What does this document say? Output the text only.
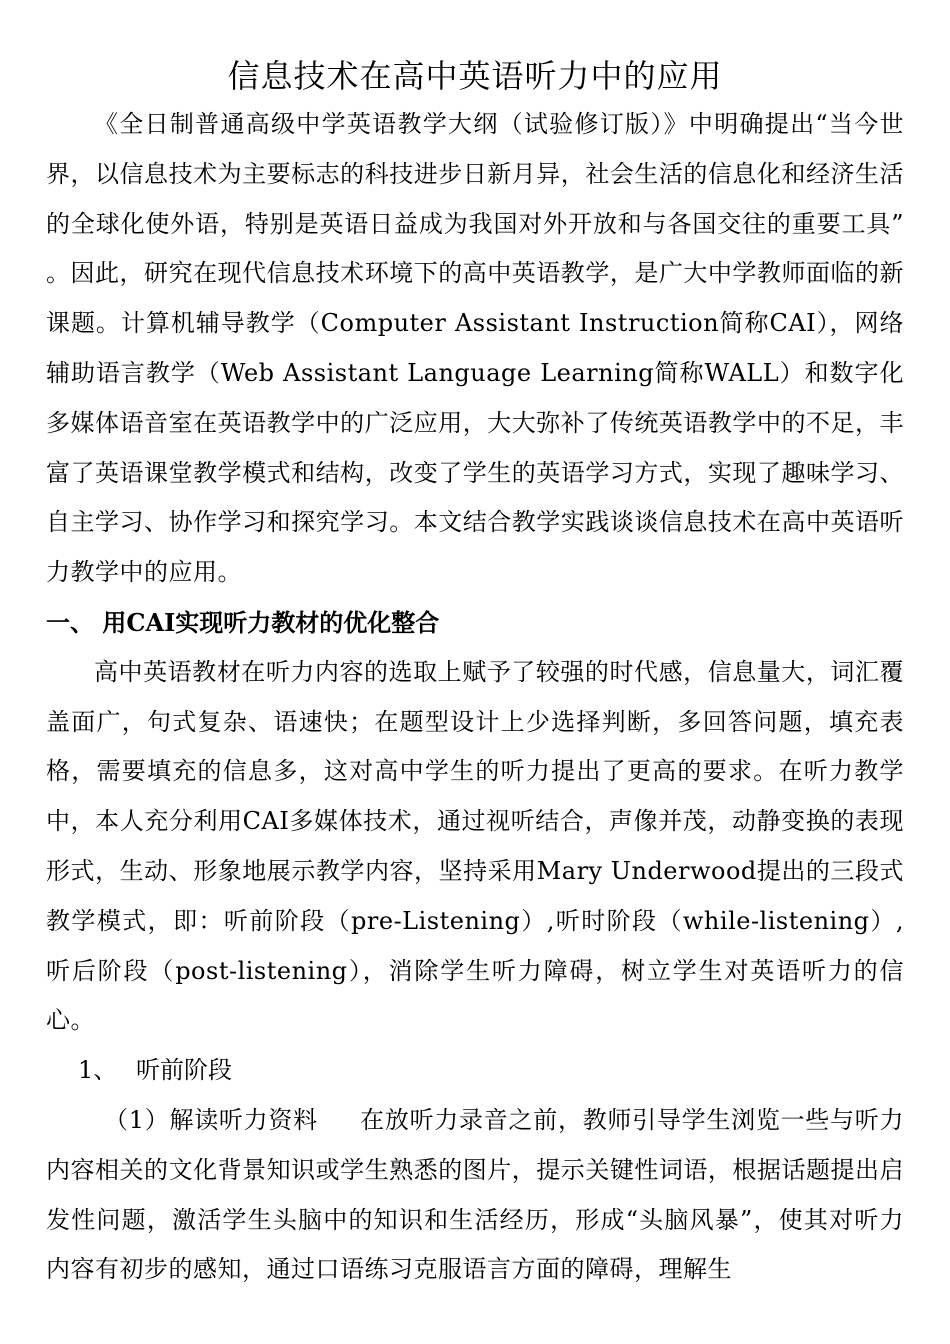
信息技术在高中英语听力中的应用

《全日制普通高级中学英语教学大纲（试验修订版）》中明确提出“当今世界，以信息技术为主要标志的科技进步日新月异，社会生活的信息化和经济生活的全球化使外语，特别是英语日益成为我国对外开放和与各国交往的重要工具” 。因此，研究在现代信息技术环境下的高中英语教学，是广大中学教师面临的新课题。计算机辅导教学（Computer Assistant Instruction简称CAI），网络辅助语言教学（Web Assistant Language Learning简称WALL）和数字化多媒体语音室在英语教学中的广泛应用，大大弥补了传统英语教学中的不足，丰富了英语课堂教学模式和结构，改变了学生的英语学习方式，实现了趣味学习、自主学习、协作学习和探究学习。本文结合教学实践谈谈信息技术在高中英语听力教学中的应用。

一、 用CAI实现听力教材的优化整合

高中英语教材在听力内容的选取上赋予了较强的时代感，信息量大，词汇覆盖面广，句式复杂、语速快；在题型设计上少选择判断，多回答问题，填充表格，需要填充的信息多，这对高中学生的听力提出了更高的要求。在听力教学中，本人充分利用CAI多媒体技术，通过视听结合，声像并茂，动静变换的表现形式，生动、形象地展示教学内容，坚持采用Mary Underwood提出的三段式教学模式，即：听前阶段（pre-Listening）,听时阶段（while-listening）,听后阶段（post-listening），消除学生听力障碍，树立学生对英语听力的信心。

1、 听前阶段

（1）解读听力资料 在放听力录音之前，教师引导学生浏览一些与听力内容相关的文化背景知识或学生熟悉的图片，提示关键性词语，根据话题提出启发性问题，激活学生头脑中的知识和生活经历，形成“头脑风暴”，使其对听力内容有初步的感知，通过口语练习克服语言方面的障碍，理解生
